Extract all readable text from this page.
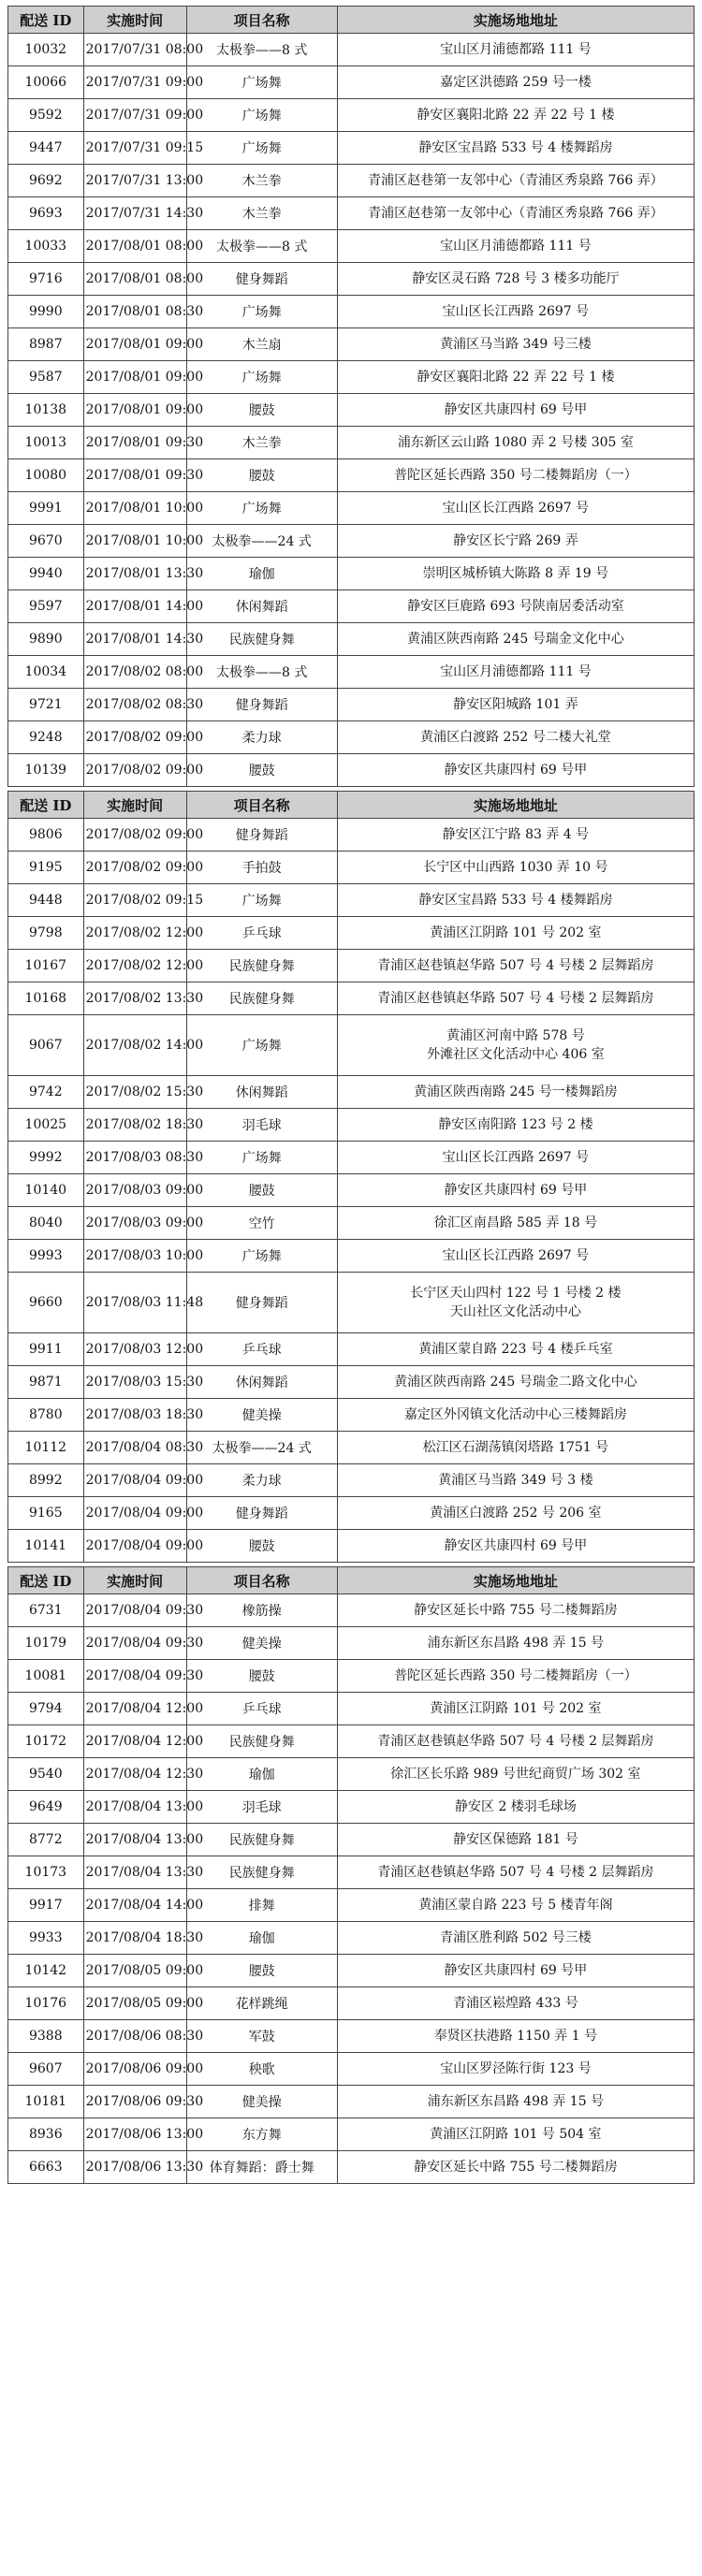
配送 ID	实施时间	项目名称	实施场地地址
10032	2017/07/31 08:00	太极拳——8 式	宝山区月浦德都路 111 号

10066	2017/07/31 09:00	广场舞	嘉定区洪德路 259 号一楼

9592	2017/07/31 09:00	广场舞	静安区襄阳北路 22 弄 22 号 1 楼

9447	2017/07/31 09:15	广场舞	静安区宝昌路 533 号 4 楼舞蹈房

9692	2017/07/31 13:00	木兰拳	青浦区赵巷第一友邻中心（青浦区秀泉路 766 弄）

9693	2017/07/31 14:30	木兰拳	青浦区赵巷第一友邻中心（青浦区秀泉路 766 弄）

10033	2017/08/01 08:00	太极拳——8 式	宝山区月浦德都路 111 号

9716	2017/08/01 08:00	健身舞蹈	静安区灵石路 728 号 3 楼多功能厅

9990	2017/08/01 08:30	广场舞	宝山区长江西路 2697 号

8987	2017/08/01 09:00	木兰扇	黄浦区马当路 349 号三楼

9587	2017/08/01 09:00	广场舞	静安区襄阳北路 22 弄 22 号 1 楼

10138	2017/08/01 09:00	腰鼓	静安区共康四村 69 号甲

10013	2017/08/01 09:30	木兰拳	浦东新区云山路 1080 弄 2 号楼 305 室

10080	2017/08/01 09:30	腰鼓	普陀区延长西路 350 号二楼舞蹈房（一）

9991	2017/08/01 10:00	广场舞	宝山区长江西路 2697 号

9670	2017/08/01 10:00	太极拳——24 式	静安区长宁路 269 弄

9940	2017/08/01 13:30	瑜伽	崇明区城桥镇大陈路 8 弄 19 号

9597	2017/08/01 14:00	休闲舞蹈	静安区巨鹿路 693 号陕南居委活动室

9890	2017/08/01 14:30	民族健身舞	黄浦区陕西南路 245 号瑞金文化中心

10034	2017/08/02 08:00	太极拳——8 式	宝山区月浦德都路 111 号

9721	2017/08/02 08:30	健身舞蹈	静安区阳城路 101 弄

9248	2017/08/02 09:00	柔力球	黄浦区白渡路 252 号二楼大礼堂

10139	2017/08/02 09:00	腰鼓	静安区共康四村 69 号甲
配送 ID	实施时间	项目名称	实施场地地址
9806	2017/08/02 09:00	健身舞蹈	静安区江宁路 83 弄 4 号

9195	2017/08/02 09:00	手拍鼓	长宁区中山西路 1030 弄 10 号

9448	2017/08/02 09:15	广场舞	静安区宝昌路 533 号 4 楼舞蹈房

9798	2017/08/02 12:00	乒乓球	黄浦区江阴路 101 号 202 室

10167	2017/08/02 12:00	民族健身舞	青浦区赵巷镇赵华路 507 号 4 号楼 2 层舞蹈房

10168	2017/08/02 13:30	民族健身舞	青浦区赵巷镇赵华路 507 号 4 号楼 2 层舞蹈房

9067	2017/08/02 14:00	广场舞	黄浦区河南中路 578 号
外滩社区文化活动中心 406 室

9742	2017/08/02 15:30	休闲舞蹈	黄浦区陕西南路 245 号一楼舞蹈房

10025	2017/08/02 18:30	羽毛球	静安区南阳路 123 号 2 楼

9992	2017/08/03 08:30	广场舞	宝山区长江西路 2697 号

10140	2017/08/03 09:00	腰鼓	静安区共康四村 69 号甲

8040	2017/08/03 09:00	空竹	徐汇区南昌路 585 弄 18 号

9993	2017/08/03 10:00	广场舞	宝山区长江西路 2697 号

9660	2017/08/03 11:48	健身舞蹈	长宁区天山四村 122 号 1 号楼 2 楼
天山社区文化活动中心

9911	2017/08/03 12:00	乒乓球	黄浦区蒙自路 223 号 4 楼乒乓室

9871	2017/08/03 15:30	休闲舞蹈	黄浦区陕西南路 245 号瑞金二路文化中心

8780	2017/08/03 18:30	健美操	嘉定区外冈镇文化活动中心三楼舞蹈房

10112	2017/08/04 08:30	太极拳——24 式	松江区石湖荡镇闵塔路 1751 号

8992	2017/08/04 09:00	柔力球	黄浦区马当路 349 号 3 楼

9165	2017/08/04 09:00	健身舞蹈	黄浦区白渡路 252 号 206 室

10141	2017/08/04 09:00	腰鼓	静安区共康四村 69 号甲
配送 ID	实施时间	项目名称	实施场地地址
6731	2017/08/04 09:30	橡筋操	静安区延长中路 755 号二楼舞蹈房

10179	2017/08/04 09:30	健美操	浦东新区东昌路 498 弄 15 号

10081	2017/08/04 09:30	腰鼓	普陀区延长西路 350 号二楼舞蹈房（一）

9794	2017/08/04 12:00	乒乓球	黄浦区江阴路 101 号 202 室

10172	2017/08/04 12:00	民族健身舞	青浦区赵巷镇赵华路 507 号 4 号楼 2 层舞蹈房

9540	2017/08/04 12:30	瑜伽	徐汇区长乐路 989 号世纪商贸广场 302 室

9649	2017/08/04 13:00	羽毛球	静安区 2 楼羽毛球场

8772	2017/08/04 13:00	民族健身舞	静安区保德路 181 号

10173	2017/08/04 13:30	民族健身舞	青浦区赵巷镇赵华路 507 号 4 号楼 2 层舞蹈房

9917	2017/08/04 14:00	排舞	黄浦区蒙自路 223 号 5 楼青年阁

9933	2017/08/04 18:30	瑜伽	青浦区胜利路 502 号三楼

10142	2017/08/05 09:00	腰鼓	静安区共康四村 69 号甲

10176	2017/08/05 09:00	花样跳绳	青浦区崧煌路 433 号

9388	2017/08/06 08:30	军鼓	奉贤区扶港路 1150 弄 1 号

9607	2017/08/06 09:00	秧歌	宝山区罗泾陈行街 123 号

10181	2017/08/06 09:30	健美操	浦东新区东昌路 498 弄 15 号

8936	2017/08/06 13:00	东方舞	黄浦区江阴路 101 号 504 室

6663	2017/08/06 13:30	体育舞蹈：爵士舞	静安区延长中路 755 号二楼舞蹈房
